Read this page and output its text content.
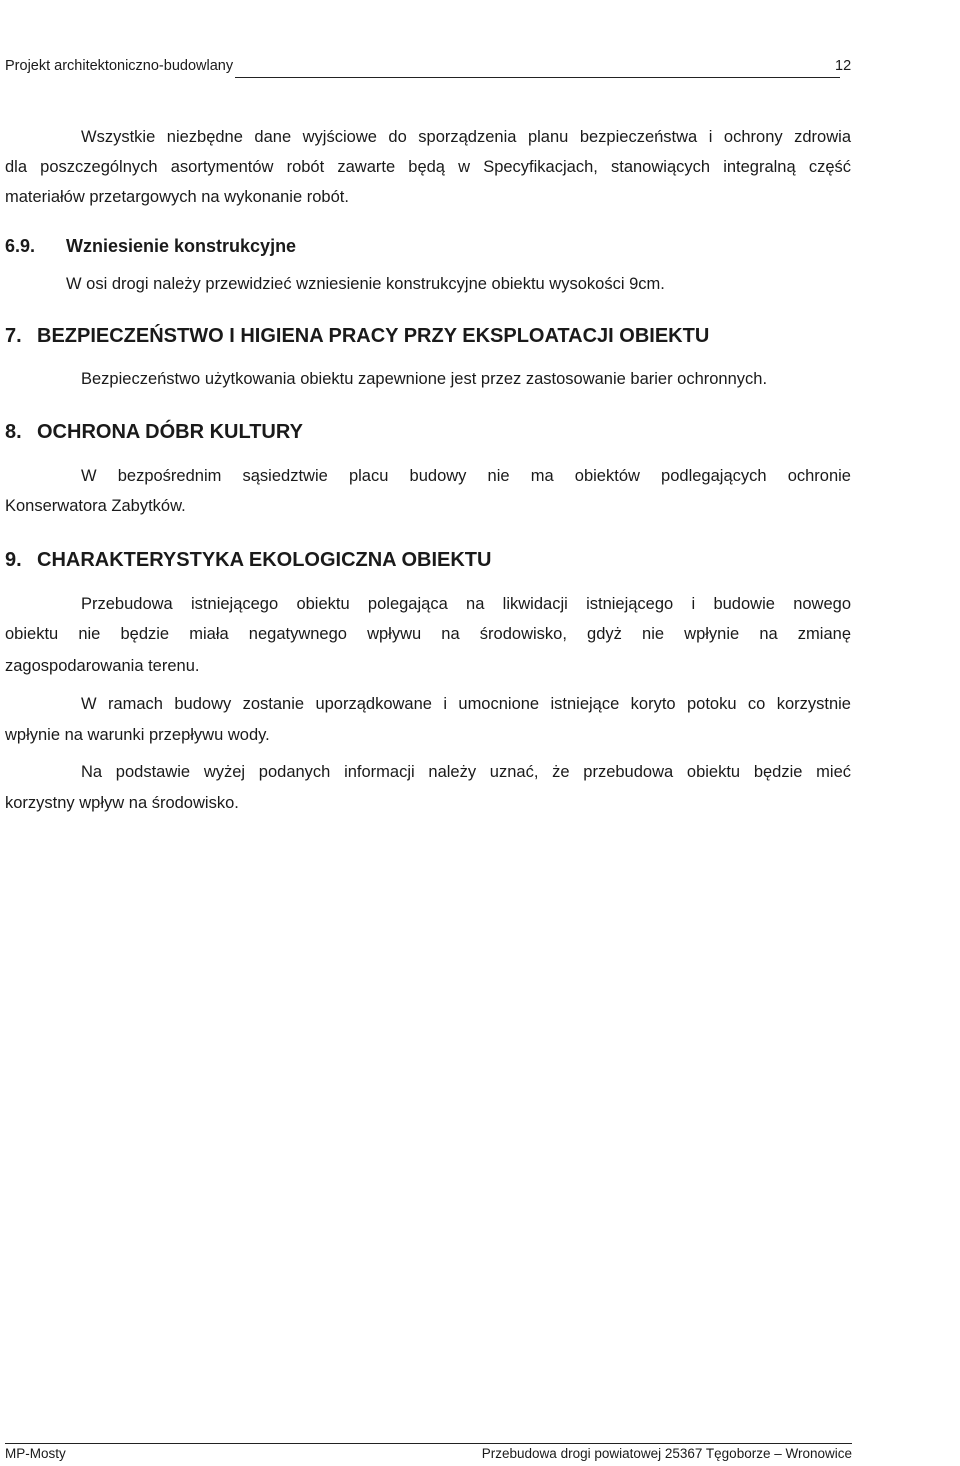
Projekt architektoniczno-budowlany	12
Wszystkie niezbędne dane wyjściowe do sporządzenia planu bezpieczeństwa i ochrony zdrowia
dla poszczególnych asortymentów robót zawarte będą w Specyfikacjach, stanowiących integralną część
materiałów przetargowych na wykonanie robót.
6.9. Wzniesienie konstrukcyjne
W osi drogi należy przewidzieć wzniesienie konstrukcyjne obiektu wysokości 9cm.
7. BEZPIECZEŃSTWO I HIGIENA PRACY PRZY EKSPLOATACJI OBIEKTU
Bezpieczeństwo użytkowania obiektu zapewnione jest przez zastosowanie barier ochronnych.
8. OCHRONA DÓBR KULTURY
W bezpośrednim sąsiedztwie placu budowy nie ma obiektów podlegających ochronie
Konserwatora Zabytków.
9. CHARAKTERYSTYKA EKOLOGICZNA OBIEKTU
Przebudowa istniejącego obiektu polegająca na likwidacji istniejącego i budowie nowego
obiektu nie będzie miała negatywnego wpływu na środowisko, gdyż nie wpłynie na zmianę
zagospodarowania terenu.
W ramach budowy zostanie uporządkowane i umocnione istniejące koryto potoku co korzystnie
wpłynie na warunki przepływu wody.
Na podstawie wyżej podanych informacji należy uznać, że przebudowa obiektu będzie mieć
korzystny wpływ na środowisko.
MP-Mosty	Przebudowa drogi powiatowej 25367 Tęgoborze – Wronowice
